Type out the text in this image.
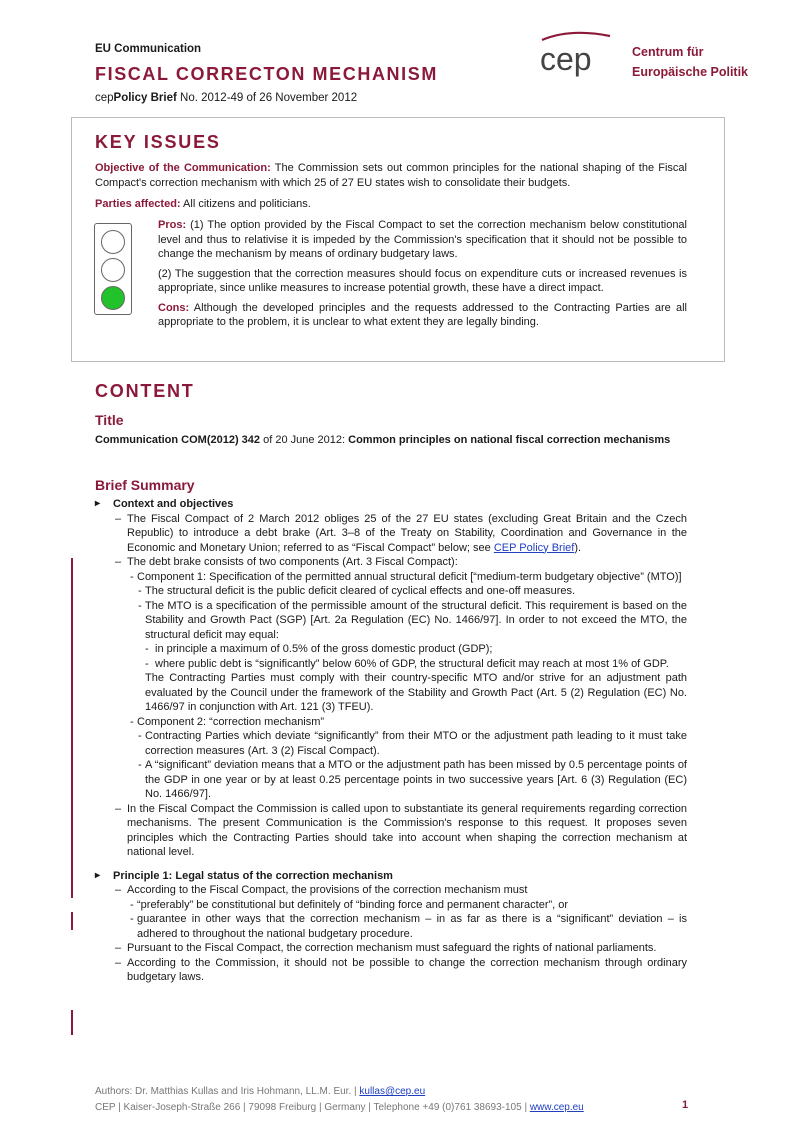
EU Communication
FISCAL CORRECTON MECHANISM
cepPolicy Brief No. 2012-49 of 26 November 2012
cep	Centrum für
Europäische Politik
KEY ISSUES

Objective of the Communication: The Commission sets out common principles for the national shaping of the Fiscal Compact's correction mechanism with which 25 of 27 EU states wish to consolidate their budgets.

Parties affected: All citizens and politicians.

Pros: (1) The option provided by the Fiscal Compact to set the correction mechanism below constitutional level and thus to relativise it is impeded by the Commission's specification that it should not be possible to change the mechanism by means of ordinary budgetary laws.

(2) The suggestion that the correction measures should focus on expenditure cuts or increased revenues is appropriate, since unlike measures to increase potential growth, these have a direct impact.

Cons: Although the developed principles and the requests addressed to the Contracting Parties are all appropriate to the problem, it is unclear to what extent they are legally binding.

CONTENT
Title

Communication COM(2012) 342 of 20 June 2012: Common principles on national fiscal correction mechanisms

Brief Summary
▸ Context and objectives
– The Fiscal Compact of 2 March 2012 obliges 25 of the 27 EU states (excluding Great Britain and the Czech Republic) to introduce a debt brake (Art. 3–8 of the Treaty on Stability, Coordination and Governance in the Economic and Monetary Union; referred to as “Fiscal Compact” below; see CEP Policy Brief).
– The debt brake consists of two components (Art. 3 Fiscal Compact):
- Component 1: Specification of the permitted annual structural deficit [“medium-term budgetary objective” (MTO)]
- The structural deficit is the public deficit cleared of cyclical effects and one-off measures.
- The MTO is a specification of the permissible amount of the structural deficit. This requirement is based on the Stability and Growth Pact (SGP) [Art. 2a Regulation (EC) No. 1466/97]. In order to not exceed the MTO, the structural deficit may equal:
- in principle a maximum of 0.5% of the gross domestic product (GDP);
- where public debt is “significantly” below 60% of GDP, the structural deficit may reach at most 1% of GDP.
The Contracting Parties must comply with their country-specific MTO and/or strive for an adjustment path evaluated by the Council under the framework of the Stability and Growth Pact (Art. 5 (2) Regulation (EC) No. 1466/97 in conjunction with Art. 121 (3) TFEU).
- Component 2: “correction mechanism”
- Contracting Parties which deviate “significantly” from their MTO or the adjustment path leading to it must take correction measures (Art. 3 (2) Fiscal Compact).
- A “significant” deviation means that a MTO or the adjustment path has been missed by 0.5 percentage points of the GDP in one year or by at least 0.25 percentage points in two successive years [Art. 6 (3) Regulation (EC) No. 1466/97].
– In the Fiscal Compact the Commission is called upon to substantiate its general requirements regarding correction mechanisms. The present Communication is the Commission's response to this request. It proposes seven principles which the Contracting Parties should take into account when shaping the correction mechanism at national level.
▸ Principle 1: Legal status of the correction mechanism
– According to the Fiscal Compact, the provisions of the correction mechanism must
- “preferably” be constitutional but definitely of “binding force and permanent character”, or
- guarantee in other ways that the correction mechanism – in as far as there is a “significant” deviation – is adhered to throughout the national budgetary procedure.
– Pursuant to the Fiscal Compact, the correction mechanism must safeguard the rights of national parliaments.
– According to the Commission, it should not be possible to change the correction mechanism through ordinary budgetary laws.
Authors: Dr. Matthias Kullas and Iris Hohmann, LL.M. Eur. | kullas@cep.eu
CEP | Kaiser-Joseph-Straße 266 | 79098 Freiburg | Germany | Telephone +49 (0)761 38693-105 | www.cep.eu	1
